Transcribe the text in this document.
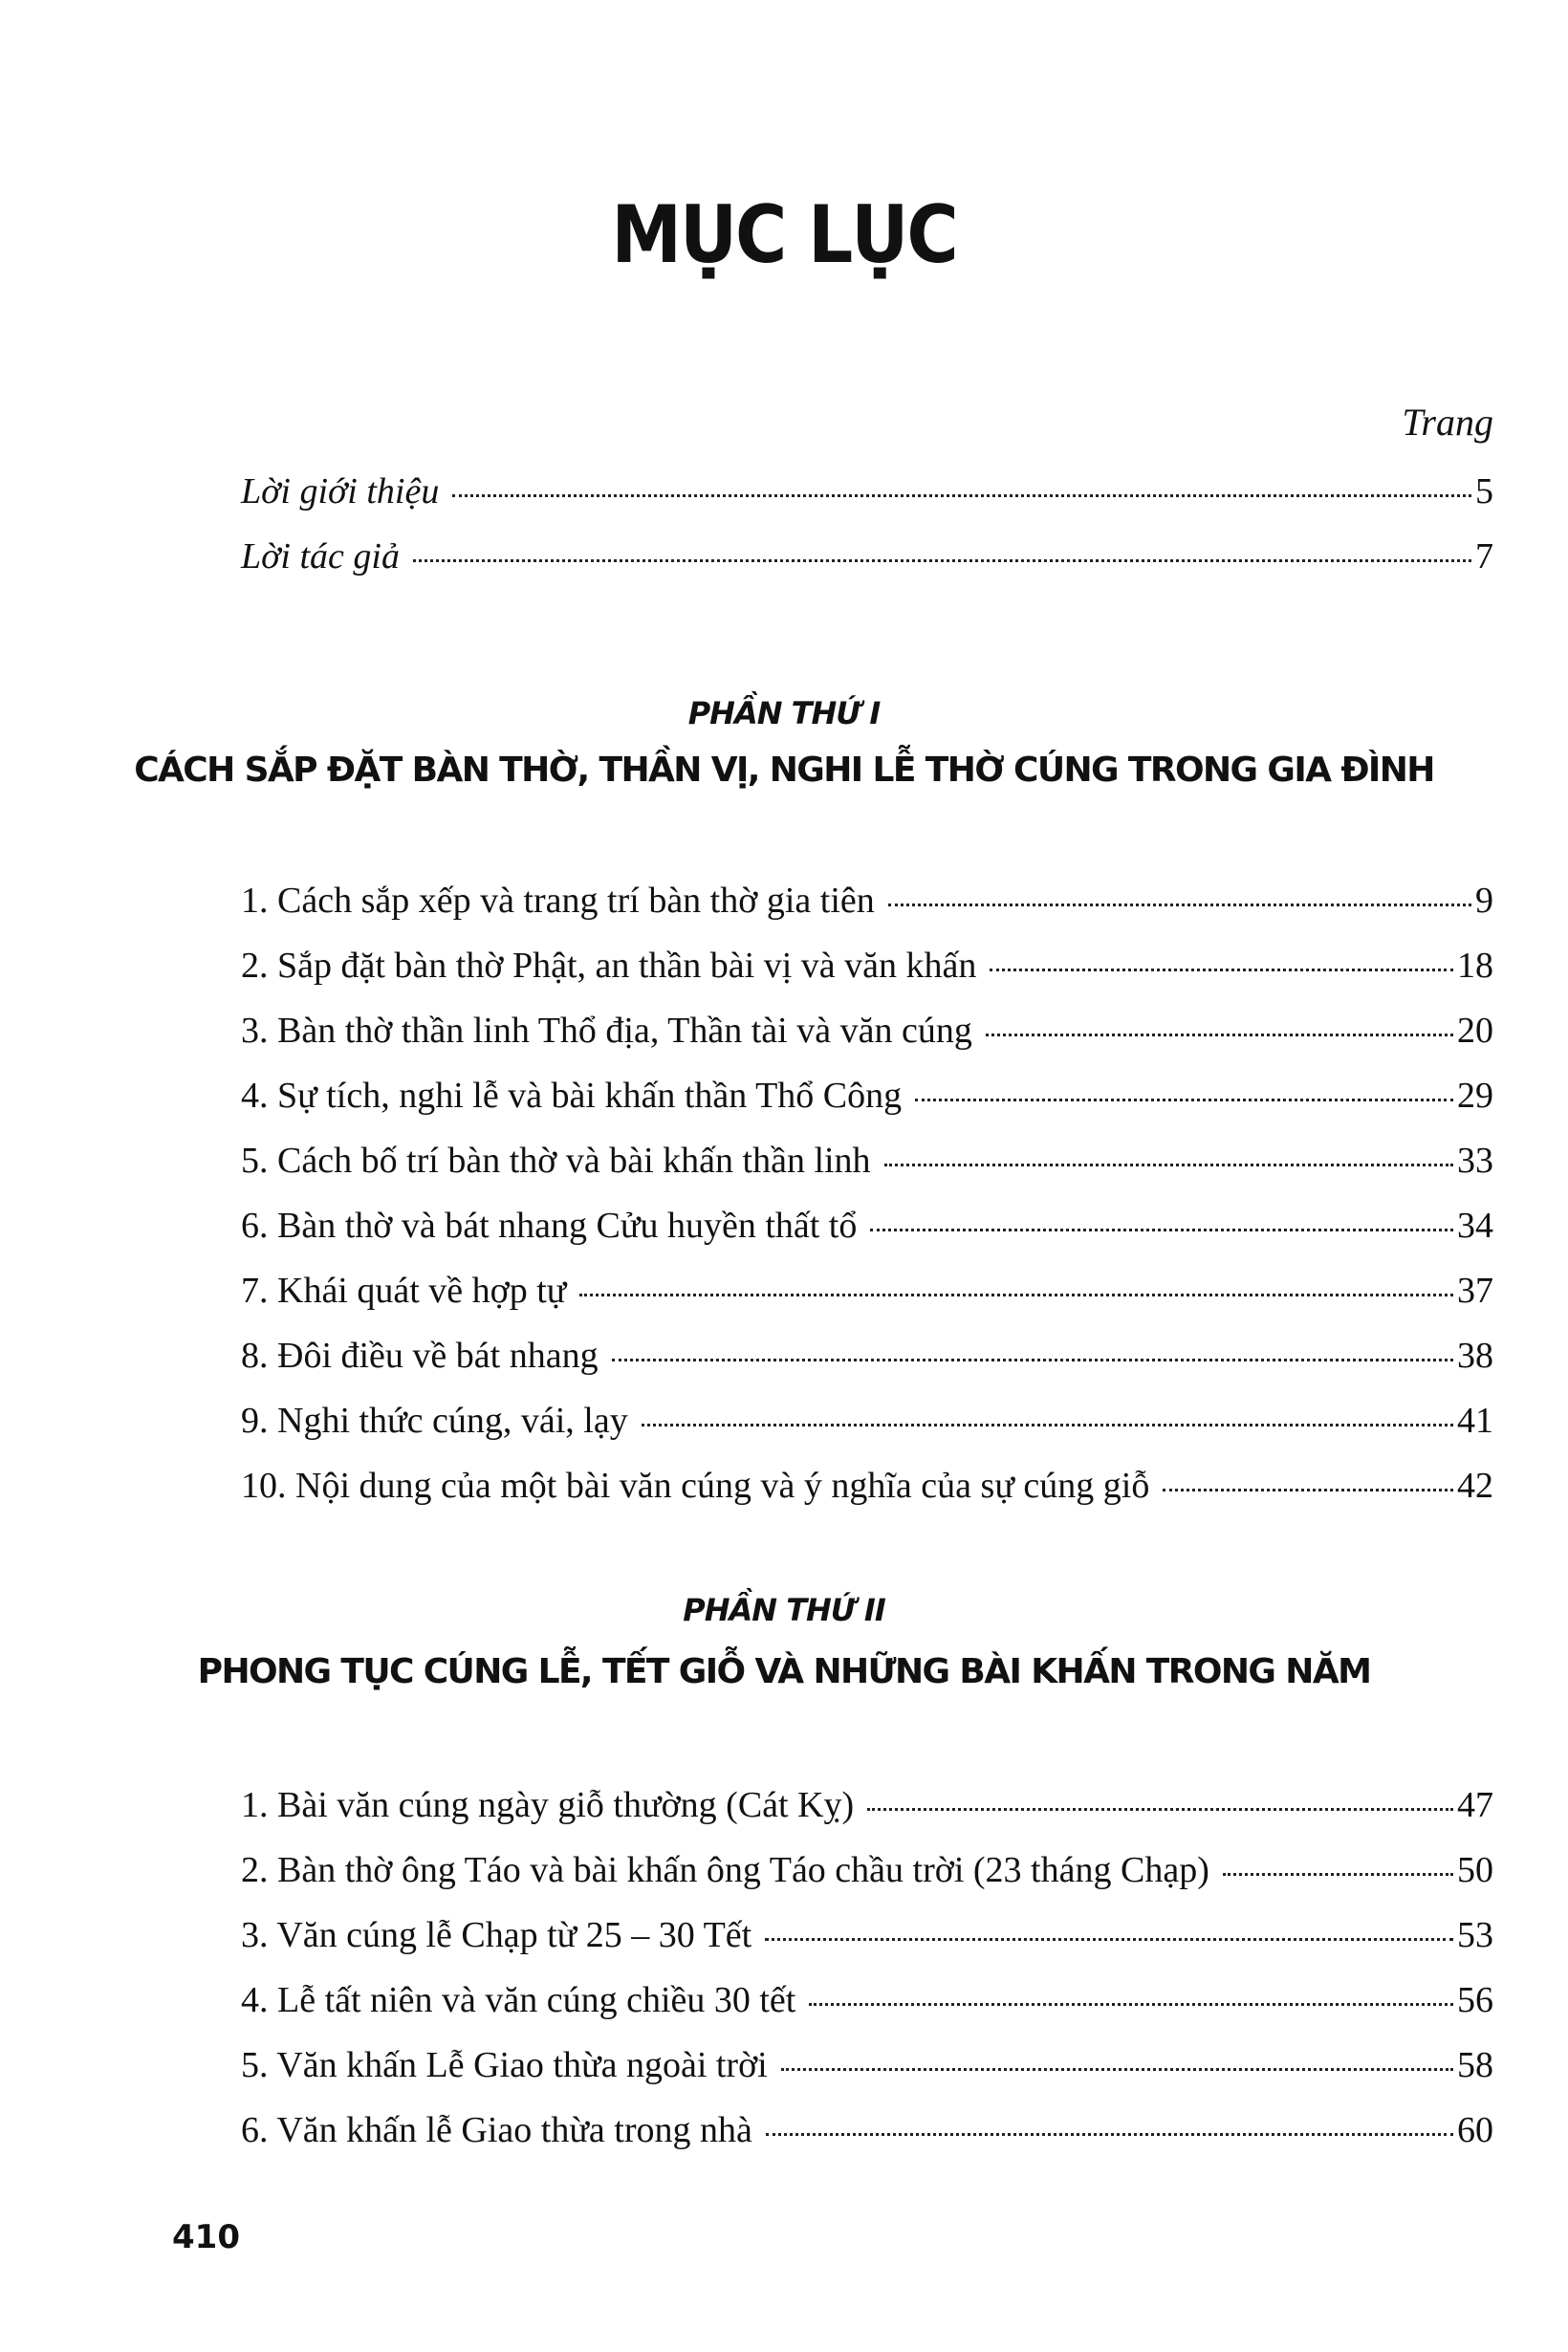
MỤC LỤC
Trang
Lời giới thiệu	5
Lời tác giả	7
PHẦN THỨ I
CÁCH SẮP ĐẶT BÀN THỜ, THẦN VỊ, NGHI LỄ THỜ CÚNG TRONG GIA ĐÌNH
1. Cách sắp xếp và trang trí bàn thờ gia tiên	9
2. Sắp đặt bàn thờ Phật, an thần bài vị và văn khấn	18
3. Bàn thờ thần linh Thổ địa, Thần tài và văn cúng	20
4. Sự tích, nghi lễ và bài khấn thần Thổ Công	29
5. Cách bố trí bàn thờ và bài khấn thần linh	33
6. Bàn thờ và bát nhang Cửu huyền thất tổ	34
7. Khái quát về hợp tự	37
8. Đôi điều về bát nhang	38
9. Nghi thức cúng, vái, lạy	41
10. Nội dung của một bài văn cúng và ý nghĩa của sự cúng giỗ	42
PHẦN THỨ II
PHONG TỤC CÚNG LỄ, TẾT GIỖ VÀ NHỮNG BÀI KHẤN TRONG NĂM
1. Bài văn cúng ngày giỗ thường (Cát Kỵ)	47
2. Bàn thờ ông Táo và bài khấn ông Táo chầu trời (23 tháng Chạp)	50
3. Văn cúng lễ Chạp từ 25 – 30 Tết	53
4. Lễ tất niên và văn cúng chiều 30 tết	56
5. Văn khấn Lễ Giao thừa ngoài trời	58
6. Văn khấn lễ Giao thừa trong nhà	60
410
